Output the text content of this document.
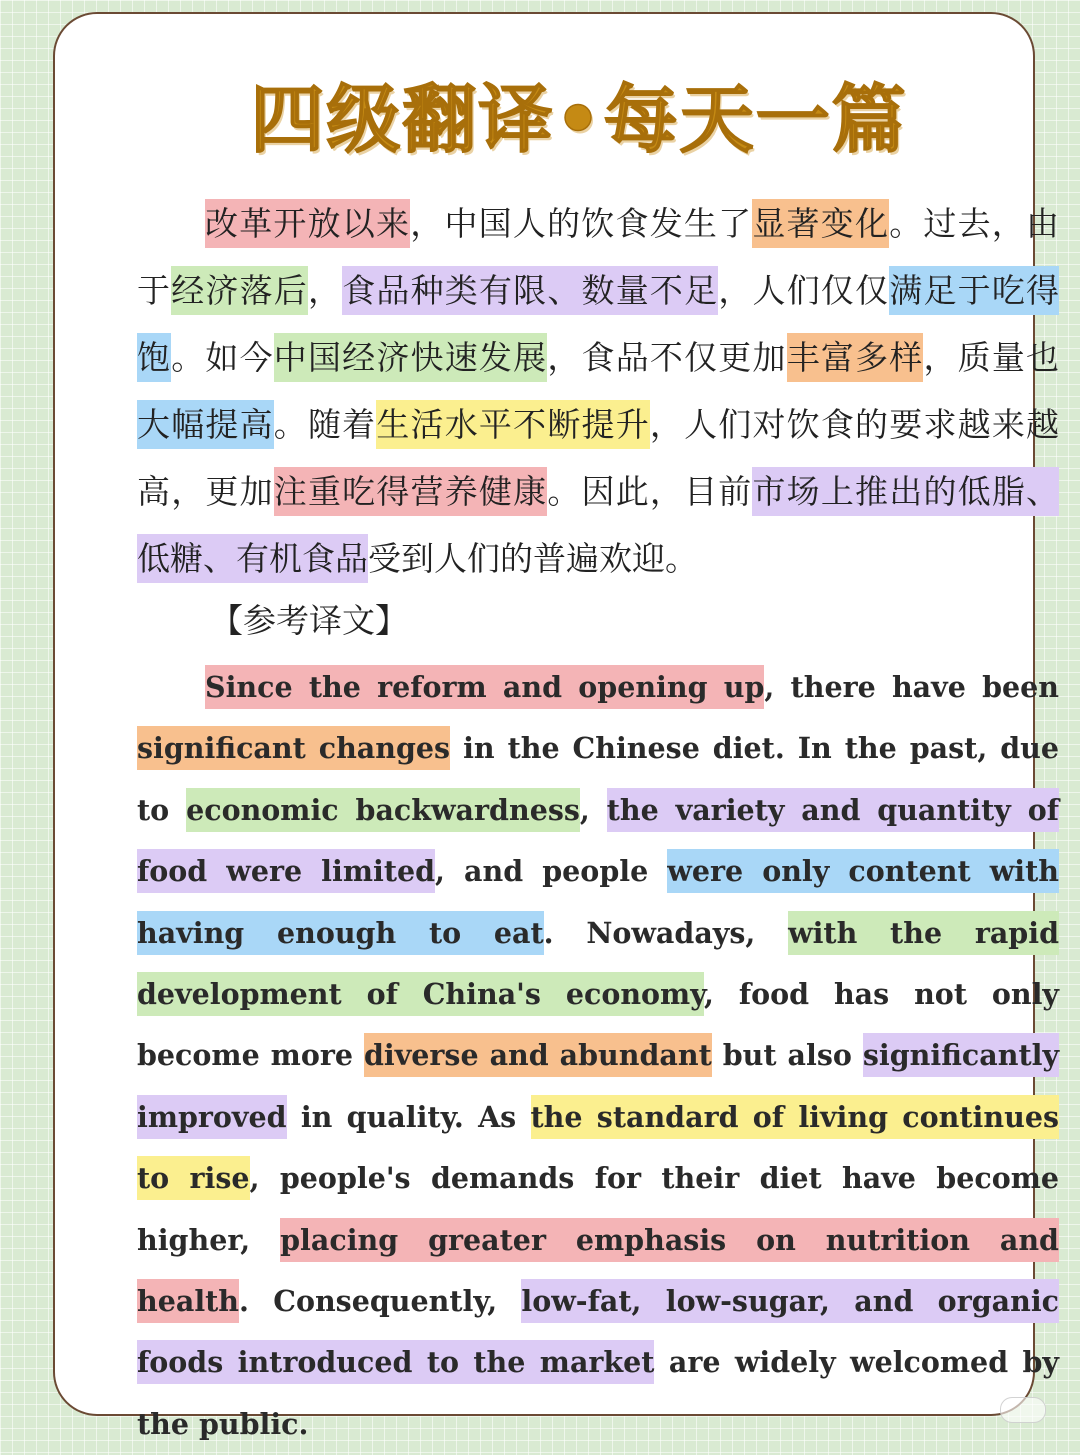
四级翻译•每天一篇

改革开放以来，中国人的饮食发生了显著变化。过去，由于经济落后，食品种类有限、数量不足，人们仅仅满足于吃得饱。如今中国经济快速发展，食品不仅更加丰富多样，质量也大幅提高。随着生活水平不断提升，人们对饮食的要求越来越高，更加注重吃得营养健康。因此，目前市场上推出的低脂、低糖、有机食品受到人们的普遍欢迎。

【参考译文】

Since the reform and opening up, there have been significant changes in the Chinese diet. In the past, due to economic backwardness, the variety and quantity of food were limited, and people were only content with having enough to eat. Nowadays, with the rapid development of China's economy, food has not only become more diverse and abundant but also significantly improved in quality. As the standard of living continues to rise, people's demands for their diet have become higher, placing greater emphasis on nutrition and health. Consequently, low-fat, low-sugar, and organic foods introduced to the market are widely welcomed by the public.
